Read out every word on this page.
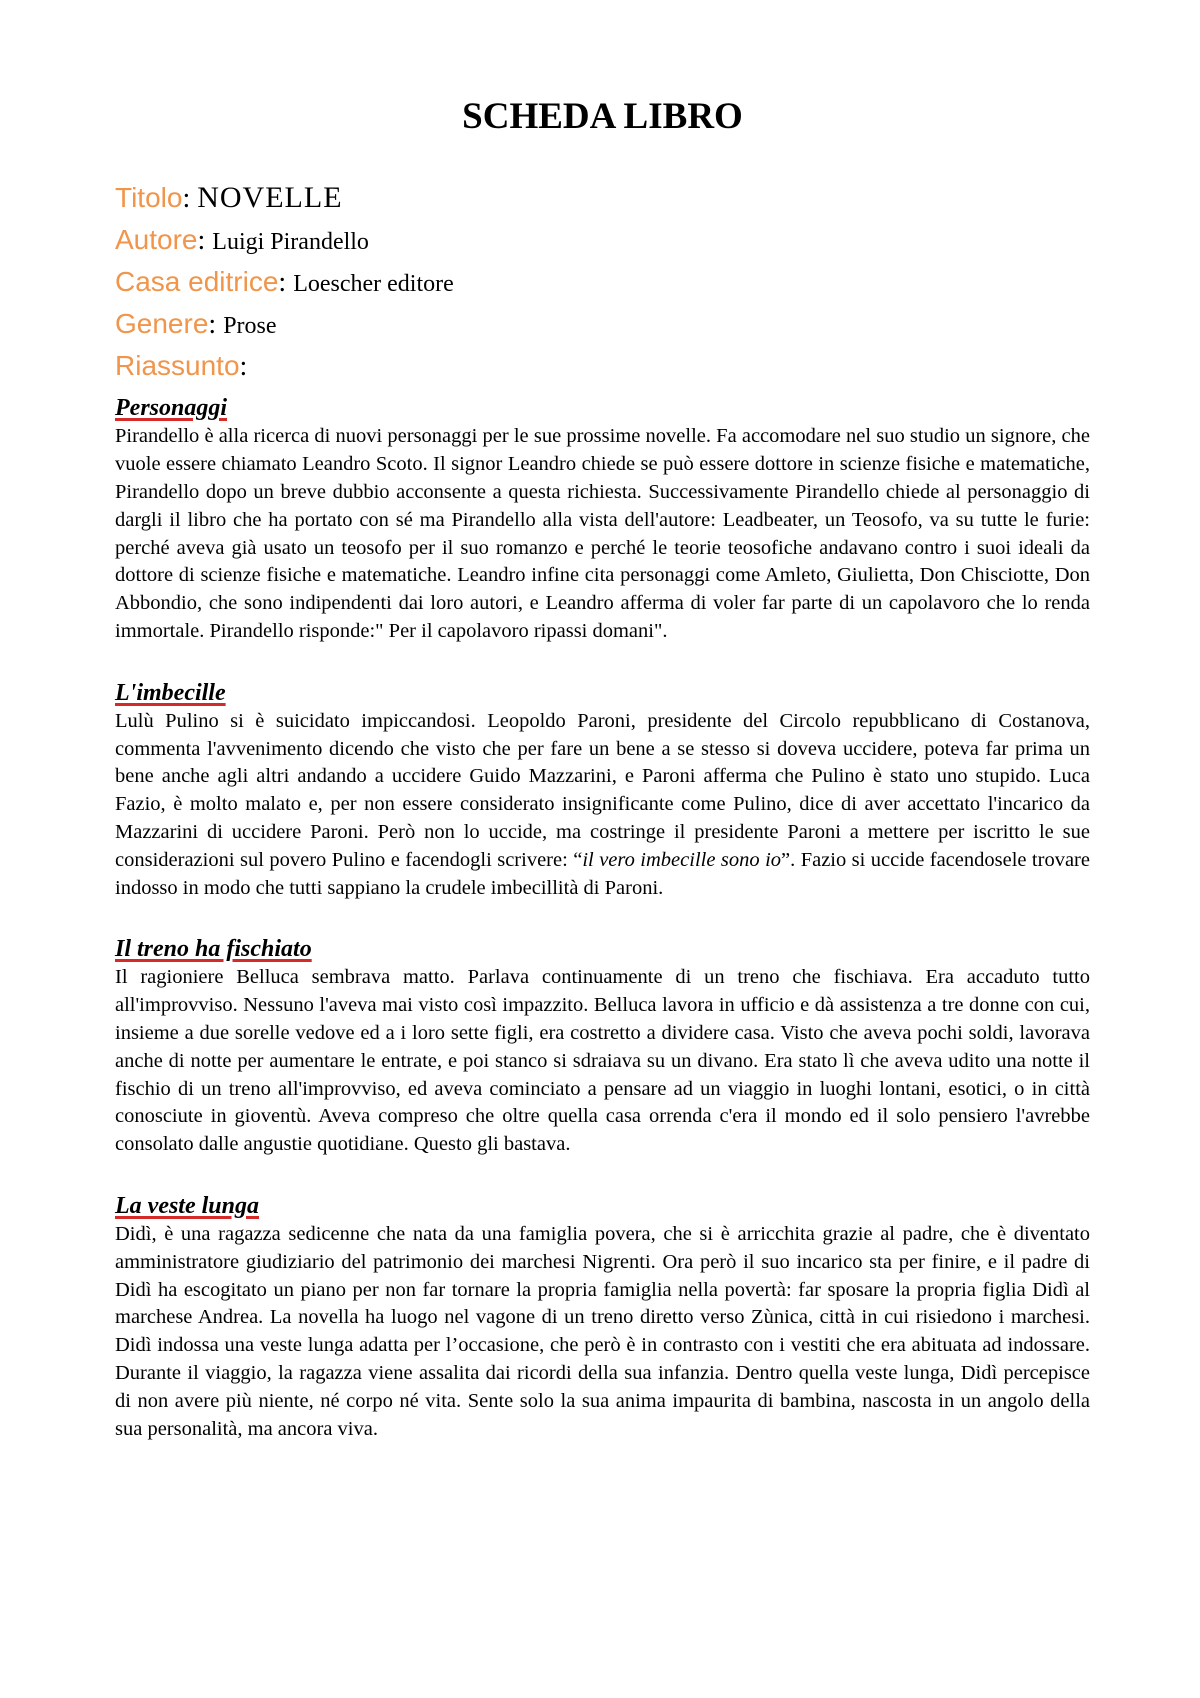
SCHEDA LIBRO

Titolo: NOVELLE

Autore: Luigi Pirandello

Casa editrice: Loescher editore

Genere: Prose

Riassunto:

Personaggi

Pirandello è alla ricerca di nuovi personaggi per le sue prossime novelle. Fa accomodare nel suo studio un signore, che vuole essere chiamato Leandro Scoto. Il signor Leandro chiede se può essere dottore in scienze fisiche e matematiche, Pirandello dopo un breve dubbio acconsente a questa richiesta. Successivamente Pirandello chiede al personaggio di dargli il libro che ha portato con sé ma Pirandello alla vista dell'autore: Leadbeater, un Teosofo, va su tutte le furie: perché aveva già usato un teosofo per il suo romanzo e perché le teorie teosofiche andavano contro i suoi ideali da dottore di scienze fisiche e matematiche. Leandro infine cita personaggi come Amleto, Giulietta, Don Chisciotte, Don Abbondio, che sono indipendenti dai loro autori, e Leandro afferma di voler far parte di un capolavoro che lo renda immortale. Pirandello risponde:" Per il capolavoro ripassi domani".

L'imbecille

Lulù Pulino si è suicidato impiccandosi. Leopoldo Paroni, presidente del Circolo repubblicano di Costanova, commenta l'avvenimento dicendo che visto che per fare un bene a se stesso si doveva uccidere, poteva far prima un bene anche agli altri andando a uccidere Guido Mazzarini, e Paroni afferma che Pulino è stato uno stupido. Luca Fazio, è molto malato e, per non essere considerato insignificante come Pulino, dice di aver accettato l'incarico da Mazzarini di uccidere Paroni. Però non lo uccide, ma costringe il presidente Paroni a mettere per iscritto le sue considerazioni sul povero Pulino e facendogli scrivere: “il vero imbecille sono io”. Fazio si uccide facendosele trovare indosso in modo che tutti sappiano la crudele imbecillità di Paroni.

Il treno ha fischiato

Il ragioniere Belluca sembrava matto. Parlava continuamente di un treno che fischiava. Era accaduto tutto all'improvviso. Nessuno l'aveva mai visto così impazzito. Belluca lavora in ufficio e dà assistenza a tre donne con cui, insieme a due sorelle vedove ed a i loro sette figli, era costretto a dividere casa. Visto che aveva pochi soldi, lavorava anche di notte per aumentare le entrate, e poi stanco si sdraiava su un divano. Era stato lì che aveva udito una notte il fischio di un treno all'improvviso, ed aveva cominciato a pensare ad un viaggio in luoghi lontani, esotici, o in città conosciute in gioventù. Aveva compreso che oltre quella casa orrenda c'era il mondo ed il solo pensiero l'avrebbe consolato dalle angustie quotidiane. Questo gli bastava.

La veste lunga

Didì, è una ragazza sedicenne che nata da una famiglia povera, che si è arricchita grazie al padre, che è diventato amministratore giudiziario del patrimonio dei marchesi Nigrenti. Ora però il suo incarico sta per finire, e il padre di Didì ha escogitato un piano per non far tornare la propria famiglia nella povertà: far sposare la propria figlia Didì al marchese Andrea. La novella ha luogo nel vagone di un treno diretto verso Zùnica, città in cui risiedono i marchesi. Didì indossa una veste lunga adatta per l’occasione, che però è in contrasto con i vestiti che era abituata ad indossare. Durante il viaggio, la ragazza viene assalita dai ricordi della sua infanzia. Dentro quella veste lunga, Didì percepisce di non avere più niente, né corpo né vita. Sente solo la sua anima impaurita di bambina, nascosta in un angolo della sua personalità, ma ancora viva.
